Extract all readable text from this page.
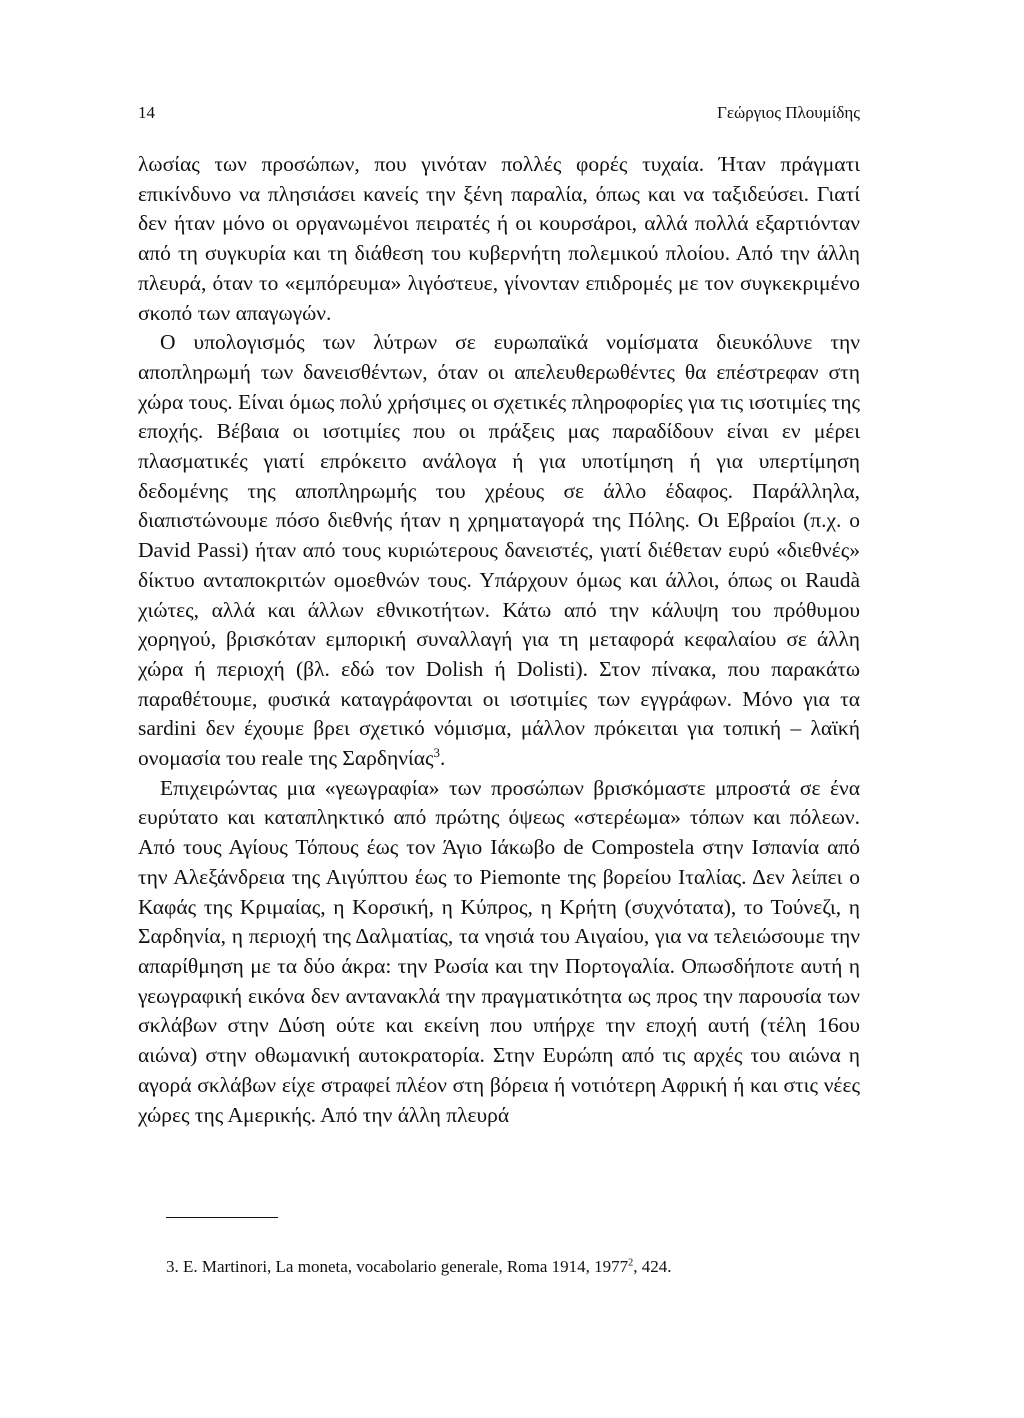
14	Γεώργιος Πλουμίδης

λωσίας των προσώπων, που γινόταν πολλές φορές τυχαία. Ήταν πράγματι επικίνδυνο να πλησιάσει κανείς την ξένη παραλία, όπως και να ταξιδεύσει. Γιατί δεν ήταν μόνο οι οργανωμένοι πειρατές ή οι κουρσάροι, αλλά πολλά εξαρτιόνταν από τη συγκυρία και τη διάθεση του κυβερνήτη πολεμικού πλοίου. Από την άλλη πλευρά, όταν το «εμπόρευμα» λιγόστευε, γίνονταν επιδρομές με τον συγκεκριμένο σκοπό των απαγωγών.

Ο υπολογισμός των λύτρων σε ευρωπαϊκά νομίσματα διευκόλυνε την αποπληρωμή των δανεισθέντων, όταν οι απελευθερωθέντες θα επέστρεφαν στη χώρα τους. Είναι όμως πολύ χρήσιμες οι σχετικές πληροφορίες για τις ισοτιμίες της εποχής. Βέβαια οι ισοτιμίες που οι πράξεις μας παραδίδουν είναι εν μέρει πλασματικές γιατί επρόκειτο ανάλογα ή για υποτίμηση ή για υπερτίμηση δεδομένης της αποπληρωμής του χρέους σε άλλο έδαφος. Παράλληλα, διαπιστώνουμε πόσο διεθνής ήταν η χρηματαγορά της Πόλης. Οι Εβραίοι (π.χ. ο David Passi) ήταν από τους κυριώτερους δανειστές, γιατί διέθεταν ευρύ «διεθνές» δίκτυο ανταποκριτών ομοεθνών τους. Υπάρχουν όμως και άλλοι, όπως οι Raudà χιώτες, αλλά και άλλων εθνικοτήτων. Κάτω από την κάλυψη του πρόθυμου χορηγού, βρισκόταν εμπορική συναλλαγή για τη μεταφορά κεφαλαίου σε άλλη χώρα ή περιοχή (βλ. εδώ τον Dolish ή Dolisti). Στον πίνακα, που παρακάτω παραθέτουμε, φυσικά καταγράφονται οι ισοτιμίες των εγγράφων. Μόνο για τα sardini δεν έχουμε βρει σχετικό νόμισμα, μάλλον πρόκειται για τοπική – λαϊκή ονομασία του reale της Σαρδηνίας$^3$.

Επιχειρώντας μια «γεωγραφία» των προσώπων βρισκόμαστε μπροστά σε ένα ευρύτατο και καταπληκτικό από πρώτης όψεως «στερέωμα» τόπων και πόλεων. Από τους Αγίους Τόπους έως τον Άγιο Ιάκωβο de Compostela στην Ισπανία από την Αλεξάνδρεια της Αιγύπτου έως το Piemonte της βορείου Ιταλίας. Δεν λείπει ο Καφάς της Κριμαίας, η Κορσική, η Κύπρος, η Κρήτη (συχνότατα), το Τούνεζι, η Σαρδηνία, η περιοχή της Δαλματίας, τα νησιά του Αιγαίου, για να τελειώσουμε την απαρίθμηση με τα δύο άκρα: την Ρωσία και την Πορτογαλία. Οπωσδήποτε αυτή η γεωγραφική εικόνα δεν αντανακλά την πραγματικότητα ως προς την παρουσία των σκλάβων στην Δύση ούτε και εκείνη που υπήρχε την εποχή αυτή (τέλη 16ου αιώνα) στην οθωμανική αυτοκρατορία. Στην Ευρώπη από τις αρχές του αιώνα η αγορά σκλάβων είχε στραφεί πλέον στη βόρεια ή νοτιότερη Αφρική ή και στις νέες χώρες της Αμερικής. Από την άλλη πλευρά

3. E. Martinori, La moneta, vocabolario generale, Roma 1914, 1977$^2$, 424.
